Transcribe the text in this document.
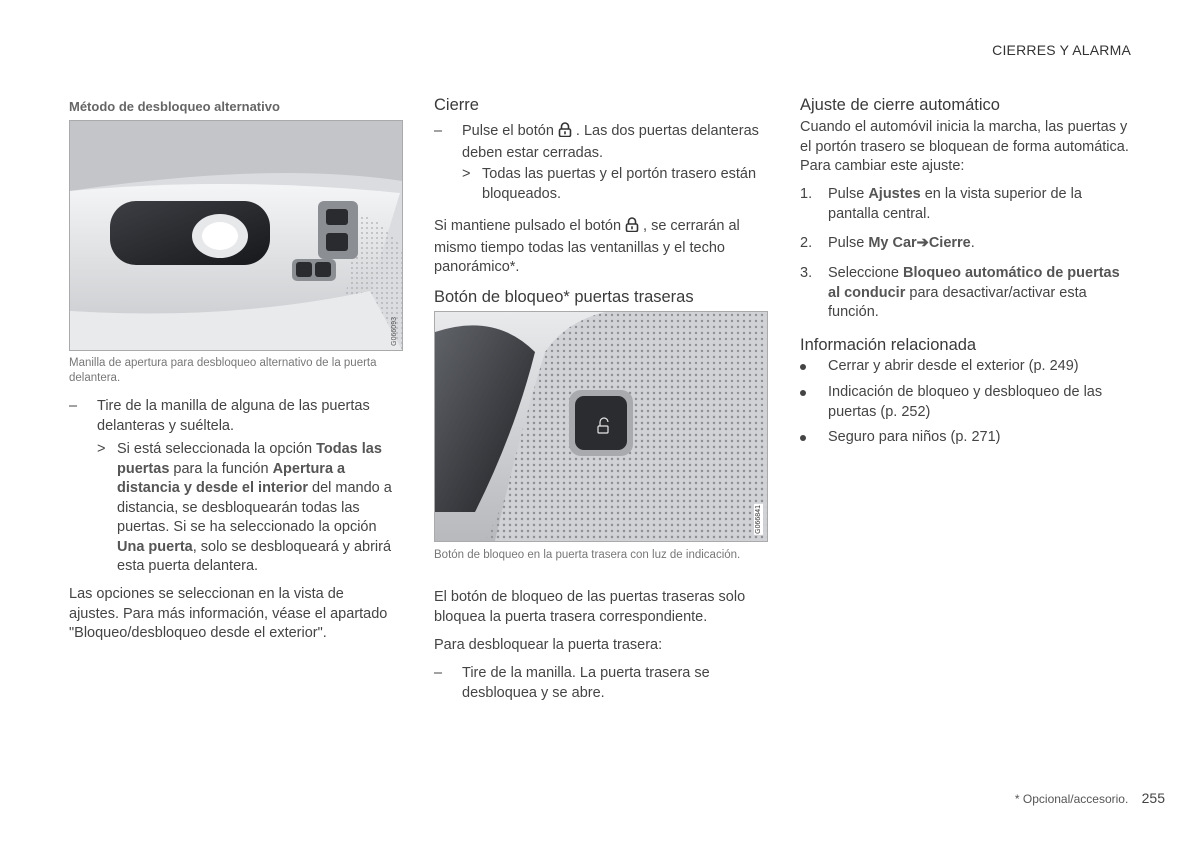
CIERRES Y ALARMA
Método de desbloqueo alternativo
G066093
Manilla de apertura para desbloqueo alternativo de la puerta delantera.
– Tire de la manilla de alguna de las puertas delanteras y suéltela.

> Si está seleccionada la opción Todas las puertas para la función Apertura a distancia y desde el interior del mando a distancia, se desbloquearán todas las puertas. Si se ha seleccionado la opción Una puerta, solo se desbloqueará y abrirá esta puerta delantera.

Las opciones se seleccionan en la vista de ajustes. Para más información, véase el apartado "Bloqueo/desbloqueo desde el exterior".

Cierre
– Pulse el botón . Las dos puertas delanteras deben estar cerradas.

> Todas las puertas y el portón trasero están bloqueados.

Si mantiene pulsado el botón , se cerrarán al mismo tiempo todas las ventanillas y el techo panorámico*.

Botón de bloqueo* puertas traseras
G066841
Botón de bloqueo en la puerta trasera con luz de indicación.

El botón de bloqueo de las puertas traseras solo bloquea la puerta trasera correspondiente.

Para desbloquear la puerta trasera:

– Tire de la manilla. La puerta trasera se desbloquea y se abre.

Ajuste de cierre automático

Cuando el automóvil inicia la marcha, las puertas y el portón trasero se bloquean de forma automática. Para cambiar este ajuste:

1. Pulse Ajustes en la vista superior de la pantalla central.

2. Pulse My Car➔Cierre.

3. Seleccione Bloqueo automático de puertas al conducir para desactivar/activar esta función.

Información relacionada

Cerrar y abrir desde el exterior (p. 249)

Indicación de bloqueo y desbloqueo de las puertas (p. 252)

Seguro para niños (p. 271)

* Opcional/accesorio. 255
